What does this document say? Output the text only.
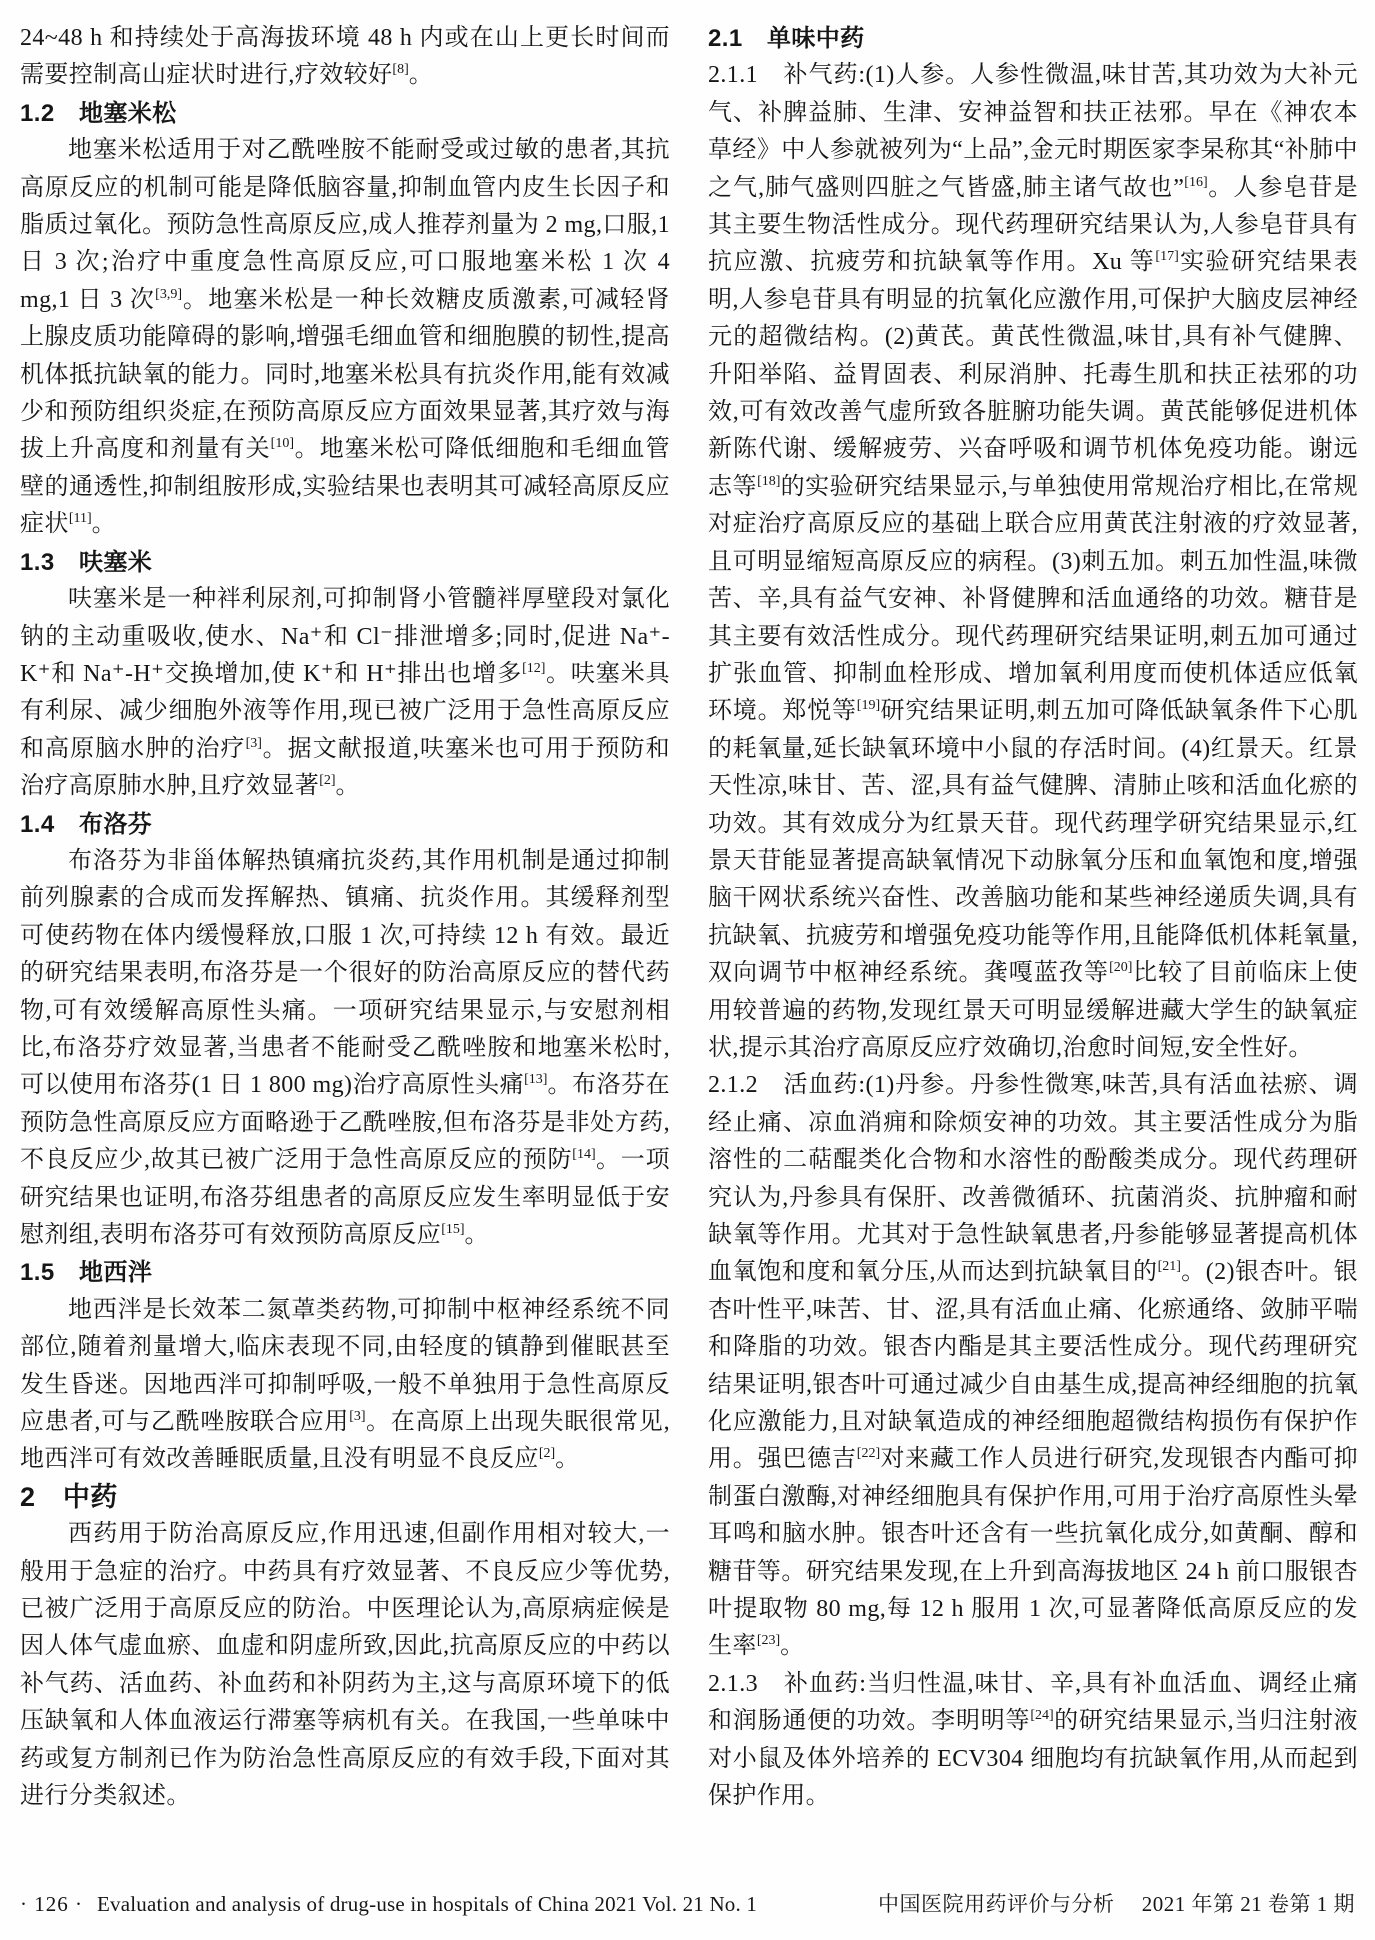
24~48 h 和持续处于高海拔环境 48 h 内或在山上更长时间而需要控制高山症状时进行,疗效较好[8]。

1.2　地塞米松

地塞米松适用于对乙酰唑胺不能耐受或过敏的患者,其抗高原反应的机制可能是降低脑容量,抑制血管内皮生长因子和脂质过氧化。预防急性高原反应,成人推荐剂量为 2 mg,口服,1 日 3 次;治疗中重度急性高原反应,可口服地塞米松 1 次 4 mg,1 日 3 次[3,9]。地塞米松是一种长效糖皮质激素,可减轻肾上腺皮质功能障碍的影响,增强毛细血管和细胞膜的韧性,提高机体抵抗缺氧的能力。同时,地塞米松具有抗炎作用,能有效减少和预防组织炎症,在预防高原反应方面效果显著,其疗效与海拔上升高度和剂量有关[10]。地塞米松可降低细胞和毛细血管壁的通透性,抑制组胺形成,实验结果也表明其可减轻高原反应症状[11]。

1.3　呋塞米

呋塞米是一种袢利尿剂,可抑制肾小管髓袢厚壁段对氯化钠的主动重吸收,使水、Na⁺和 Cl⁻排泄增多;同时,促进 Na⁺-K⁺和 Na⁺-H⁺交换增加,使 K⁺和 H⁺排出也增多[12]。呋塞米具有利尿、减少细胞外液等作用,现已被广泛用于急性高原反应和高原脑水肿的治疗[3]。据文献报道,呋塞米也可用于预防和治疗高原肺水肿,且疗效显著[2]。

1.4　布洛芬

布洛芬为非甾体解热镇痛抗炎药,其作用机制是通过抑制前列腺素的合成而发挥解热、镇痛、抗炎作用。其缓释剂型可使药物在体内缓慢释放,口服 1 次,可持续 12 h 有效。最近的研究结果表明,布洛芬是一个很好的防治高原反应的替代药物,可有效缓解高原性头痛。一项研究结果显示,与安慰剂相比,布洛芬疗效显著,当患者不能耐受乙酰唑胺和地塞米松时,可以使用布洛芬(1 日 1 800 mg)治疗高原性头痛[13]。布洛芬在预防急性高原反应方面略逊于乙酰唑胺,但布洛芬是非处方药,不良反应少,故其已被广泛用于急性高原反应的预防[14]。一项研究结果也证明,布洛芬组患者的高原反应发生率明显低于安慰剂组,表明布洛芬可有效预防高原反应[15]。

1.5　地西泮

地西泮是长效苯二氮䓬类药物,可抑制中枢神经系统不同部位,随着剂量增大,临床表现不同,由轻度的镇静到催眠甚至发生昏迷。因地西泮可抑制呼吸,一般不单独用于急性高原反应患者,可与乙酰唑胺联合应用[3]。在高原上出现失眠很常见,地西泮可有效改善睡眠质量,且没有明显不良反应[2]。

2　中药

西药用于防治高原反应,作用迅速,但副作用相对较大,一般用于急症的治疗。中药具有疗效显著、不良反应少等优势,已被广泛用于高原反应的防治。中医理论认为,高原病症候是因人体气虚血瘀、血虚和阴虚所致,因此,抗高原反应的中药以补气药、活血药、补血药和补阴药为主,这与高原环境下的低压缺氧和人体血液运行滞塞等病机有关。在我国,一些单味中药或复方制剂已作为防治急性高原反应的有效手段,下面对其进行分类叙述。

2.1　单味中药

2.1.1　补气药:(1)人参。人参性微温,味甘苦,其功效为大补元气、补脾益肺、生津、安神益智和扶正祛邪。早在《神农本草经》中人参就被列为“上品”,金元时期医家李杲称其“补肺中之气,肺气盛则四脏之气皆盛,肺主诸气故也”[16]。人参皂苷是其主要生物活性成分。现代药理研究结果认为,人参皂苷具有抗应激、抗疲劳和抗缺氧等作用。Xu 等[17]实验研究结果表明,人参皂苷具有明显的抗氧化应激作用,可保护大脑皮层神经元的超微结构。(2)黄芪。黄芪性微温,味甘,具有补气健脾、升阳举陷、益胃固表、利尿消肿、托毒生肌和扶正祛邪的功效,可有效改善气虚所致各脏腑功能失调。黄芪能够促进机体新陈代谢、缓解疲劳、兴奋呼吸和调节机体免疫功能。谢远志等[18]的实验研究结果显示,与单独使用常规治疗相比,在常规对症治疗高原反应的基础上联合应用黄芪注射液的疗效显著,且可明显缩短高原反应的病程。(3)刺五加。刺五加性温,味微苦、辛,具有益气安神、补肾健脾和活血通络的功效。糖苷是其主要有效活性成分。现代药理研究结果证明,刺五加可通过扩张血管、抑制血栓形成、增加氧利用度而使机体适应低氧环境。郑悦等[19]研究结果证明,刺五加可降低缺氧条件下心肌的耗氧量,延长缺氧环境中小鼠的存活时间。(4)红景天。红景天性凉,味甘、苦、涩,具有益气健脾、清肺止咳和活血化瘀的功效。其有效成分为红景天苷。现代药理学研究结果显示,红景天苷能显著提高缺氧情况下动脉氧分压和血氧饱和度,增强脑干网状系统兴奋性、改善脑功能和某些神经递质失调,具有抗缺氧、抗疲劳和增强免疫功能等作用,且能降低机体耗氧量,双向调节中枢神经系统。龚嘎蓝孜等[20]比较了目前临床上使用较普遍的药物,发现红景天可明显缓解进藏大学生的缺氧症状,提示其治疗高原反应疗效确切,治愈时间短,安全性好。

2.1.2　活血药:(1)丹参。丹参性微寒,味苦,具有活血祛瘀、调经止痛、凉血消痈和除烦安神的功效。其主要活性成分为脂溶性的二萜醌类化合物和水溶性的酚酸类成分。现代药理研究认为,丹参具有保肝、改善微循环、抗菌消炎、抗肿瘤和耐缺氧等作用。尤其对于急性缺氧患者,丹参能够显著提高机体血氧饱和度和氧分压,从而达到抗缺氧目的[21]。(2)银杏叶。银杏叶性平,味苦、甘、涩,具有活血止痛、化瘀通络、敛肺平喘和降脂的功效。银杏内酯是其主要活性成分。现代药理研究结果证明,银杏叶可通过减少自由基生成,提高神经细胞的抗氧化应激能力,且对缺氧造成的神经细胞超微结构损伤有保护作用。强巴德吉[22]对来藏工作人员进行研究,发现银杏内酯可抑制蛋白激酶,对神经细胞具有保护作用,可用于治疗高原性头晕耳鸣和脑水肿。银杏叶还含有一些抗氧化成分,如黄酮、醇和糖苷等。研究结果发现,在上升到高海拔地区 24 h 前口服银杏叶提取物 80 mg,每 12 h 服用 1 次,可显著降低高原反应的发生率[23]。

2.1.3　补血药:当归性温,味甘、辛,具有补血活血、调经止痛和润肠通便的功效。李明明等[24]的研究结果显示,当归注射液对小鼠及体外培养的 ECV304 细胞均有抗缺氧作用,从而起到保护作用。

· 126 · Evaluation and analysis of drug-use in hospitals of China 2021 Vol. 21 No. 1	中国医院用药评价与分析　 2021 年第 21 卷第 1 期
